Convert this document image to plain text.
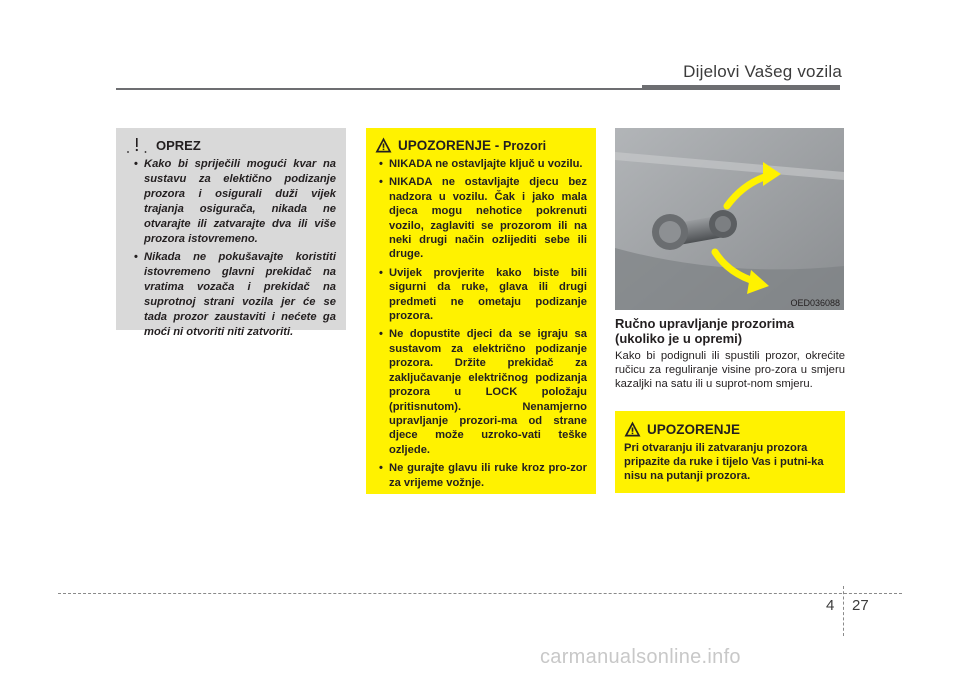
Dijelovi Vašeg vozila
OPREZ
• Kako bi spriječili mogući kvar na sustavu za elektično podizanje prozora i osigurali duži vijek trajanja osigurača, nikada ne otvarajte ili zatvarajte dva ili više prozora istovremeno.
• Nikada ne pokušavajte koristiti istovremeno glavni prekidač na vratima vozača i prekidač na suprotnoj strani vozila jer će se tada prozor zaustaviti i nećete ga moći ni otvoriti niti zatvoriti.
UPOZORENJE - Prozori
• NIKADA ne ostavljajte ključ u vozilu.
• NIKADA ne ostavljajte djecu bez nadzora u vozilu. Čak i jako mala djeca mogu nehotice pokrenuti vozilo, zaglaviti se prozorom ili na neki drugi način ozlijediti sebe ili druge.
• Uvijek provjerite kako biste bili sigurni da ruke, glava ili drugi predmeti ne ometaju podizanje prozora.
• Ne dopustite djeci da se igraju sa sustavom za električno podizanje prozora. Držite prekidač za zaključavanje električnog podizanja prozora u LOCK položaju (pritisnutom). Nenamjerno upravljanje prozori-ma od strane djece može uzroko-vati teške ozljede.
• Ne gurajte glavu ili ruke kroz pro-zor za vrijeme vožnje.
OED036088
Ručno upravljanje prozorima (ukoliko je u opremi)
Kako bi podignuli ili spustili prozor, okrećite ručicu za reguliranje visine pro-zora u smjeru kazaljki na satu ili u suprot-nom smjeru.
UPOZORENJE
Pri otvaranju ili zatvaranju prozora pripazite da ruke i tijelo Vas i putni-ka nisu na putanji prozora.
4 27
carmanualsonline.info
